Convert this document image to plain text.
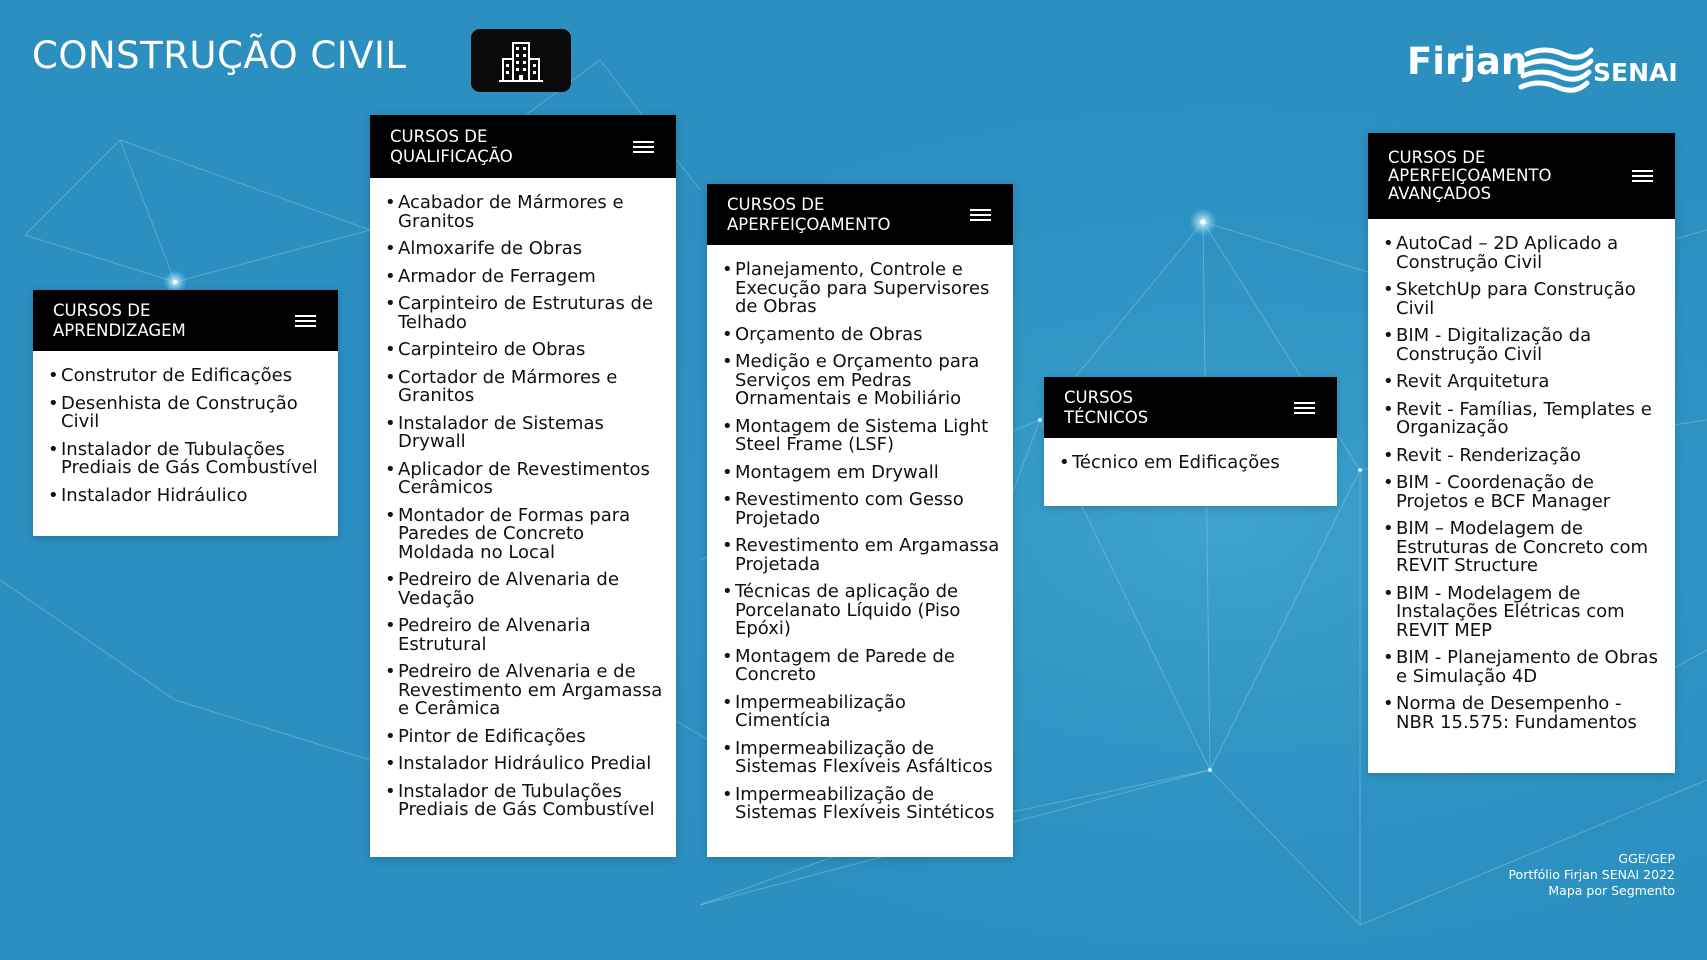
CONSTRUÇÃO CIVIL	Firjan	SENAI
CURSOS DE
APRENDIZAGEM
• Construtor de Edificações
• Desenhista de Construção Civil
• Instalador de Tubulações Prediais de Gás Combustível
• Instalador Hidráulico
CURSOS DE
QUALIFICAÇÃO
• Acabador de Mármores e Granitos
• Almoxarife de Obras
• Armador de Ferragem
• Carpinteiro de Estruturas de Telhado
• Carpinteiro de Obras
• Cortador de Mármores e Granitos
• Instalador de Sistemas Drywall
• Aplicador de Revestimentos Cerâmicos
• Montador de Formas para Paredes de Concreto Moldada no Local
• Pedreiro de Alvenaria de Vedação
• Pedreiro de Alvenaria Estrutural
• Pedreiro de Alvenaria e de Revestimento em Argamassa e Cerâmica
• Pintor de Edificações
• Instalador Hidráulico Predial
• Instalador de Tubulações Prediais de Gás Combustível
CURSOS DE
APERFEIÇOAMENTO
• Planejamento, Controle e Execução para Supervisores de Obras
• Orçamento de Obras
• Medição e Orçamento para Serviços em Pedras Ornamentais e Mobiliário
• Montagem de Sistema Light Steel Frame (LSF)
• Montagem em Drywall
• Revestimento com Gesso Projetado
• Revestimento em Argamassa Projetada
• Técnicas de aplicação de Porcelanato Líquido (Piso Epóxi)
• Montagem de Parede de Concreto
• Impermeabilização Cimentícia
• Impermeabilização de Sistemas Flexíveis Asfálticos
• Impermeabilização de Sistemas Flexíveis Sintéticos
CURSOS
TÉCNICOS
• Técnico em Edificações
CURSOS DE
APERFEIÇOAMENTO
AVANÇADOS
• AutoCad – 2D Aplicado a Construção Civil
• SketchUp para Construção Civil
• BIM - Digitalização da Construção Civil
• Revit Arquitetura
• Revit - Famílias, Templates e Organização
• Revit - Renderização
• BIM - Coordenação de Projetos e BCF Manager
• BIM – Modelagem de Estruturas de Concreto com REVIT Structure
• BIM - Modelagem de Instalações Elétricas com REVIT MEP
• BIM - Planejamento de Obras e Simulação 4D
• Norma de Desempenho - NBR 15.575: Fundamentos
GGE/GEP
Portfólio Firjan SENAI 2022
Mapa por Segmento
